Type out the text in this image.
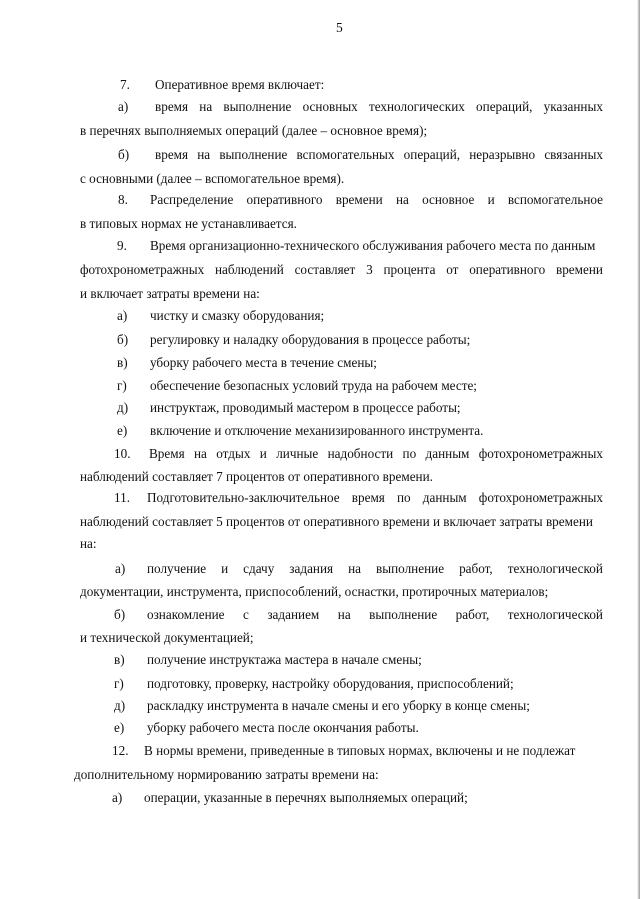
5
7. Оперативное время включает:
а) время на выполнение основных технологических операций, указанных
в перечнях выполняемых операций (далее – основное время);
б) время на выполнение вспомогательных операций, неразрывно связанных
с основными (далее – вспомогательное время).
8. Распределение оперативного времени на основное и вспомогательное
в типовых нормах не устанавливается.
9. Время организационно-технического обслуживания рабочего места по данным
фотохронометражных наблюдений составляет 3 процента от оперативного времени
и включает затраты времени на:
а) чистку и смазку оборудования;
б) регулировку и наладку оборудования в процессе работы;
в) уборку рабочего места в течение смены;
г) обеспечение безопасных условий труда на рабочем месте;
д) инструктаж, проводимый мастером в процессе работы;
е) включение и отключение механизированного инструмента.
10. Время на отдых и личные надобности по данным фотохронометражных
наблюдений составляет 7 процентов от оперативного времени.
11. Подготовительно-заключительное время по данным фотохронометражных
наблюдений составляет 5 процентов от оперативного времени и включает затраты времени
на:
а) получение и сдачу задания на выполнение работ, технологической
документации, инструмента, приспособлений, оснастки, протирочных материалов;
б) ознакомление с заданием на выполнение работ, технологической
и технической документацией;
в) получение инструктажа мастера в начале смены;
г) подготовку, проверку, настройку оборудования, приспособлений;
д) раскладку инструмента в начале смены и его уборку в конце смены;
е) уборку рабочего места после окончания работы.
12. В нормы времени, приведенные в типовых нормах, включены и не подлежат
дополнительному нормированию затраты времени на:
а) операции, указанные в перечнях выполняемых операций;
